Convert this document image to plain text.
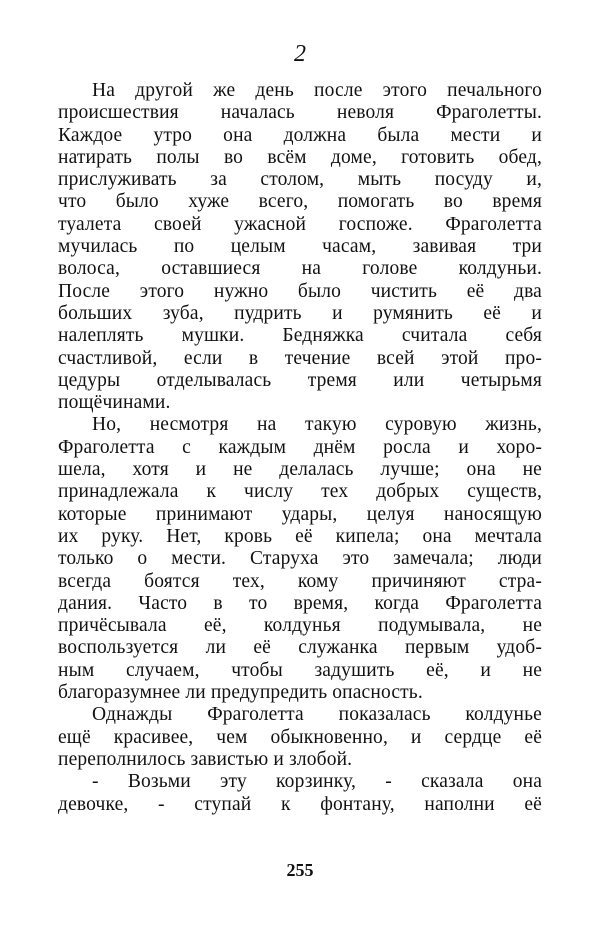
2
На другой же день после этого печального
происшествия началась неволя Фраголетты.
Каждое утро она должна была мести и
натирать полы во всём доме, готовить обед,
прислуживать за столом, мыть посуду и,
что было хуже всего, помогать во время
туалета своей ужасной госпоже. Фраголетта
мучилась по целым часам, завивая три
волоса, оставшиеся на голове колдуньи.
После этого нужно было чистить её два
больших зуба, пудрить и румянить её и
налеплять мушки. Бедняжка считала себя
счастливой, если в течение всей этой про-
цедуры отделывалась тремя или четырьмя
пощёчинами.
Но, несмотря на такую суровую жизнь,
Фраголетта с каждым днём росла и хоро-
шела, хотя и не делалась лучше; она не
принадлежала к числу тех добрых существ,
которые принимают удары, целуя наносящую
их руку. Нет, кровь её кипела; она мечтала
только о мести. Старуха это замечала; люди
всегда боятся тех, кому причиняют стра-
дания. Часто в то время, когда Фраголетта
причёсывала её, колдунья подумывала, не
воспользуется ли её служанка первым удоб-
ным случаем, чтобы задушить её, и не
благоразумнее ли предупредить опасность.
Однажды Фраголетта показалась колдунье
ещё красивее, чем обыкновенно, и сердце её
переполнилось завистью и злобой.
- Возьми эту корзинку, - сказала она
девочке, - ступай к фонтану, наполни её
255
